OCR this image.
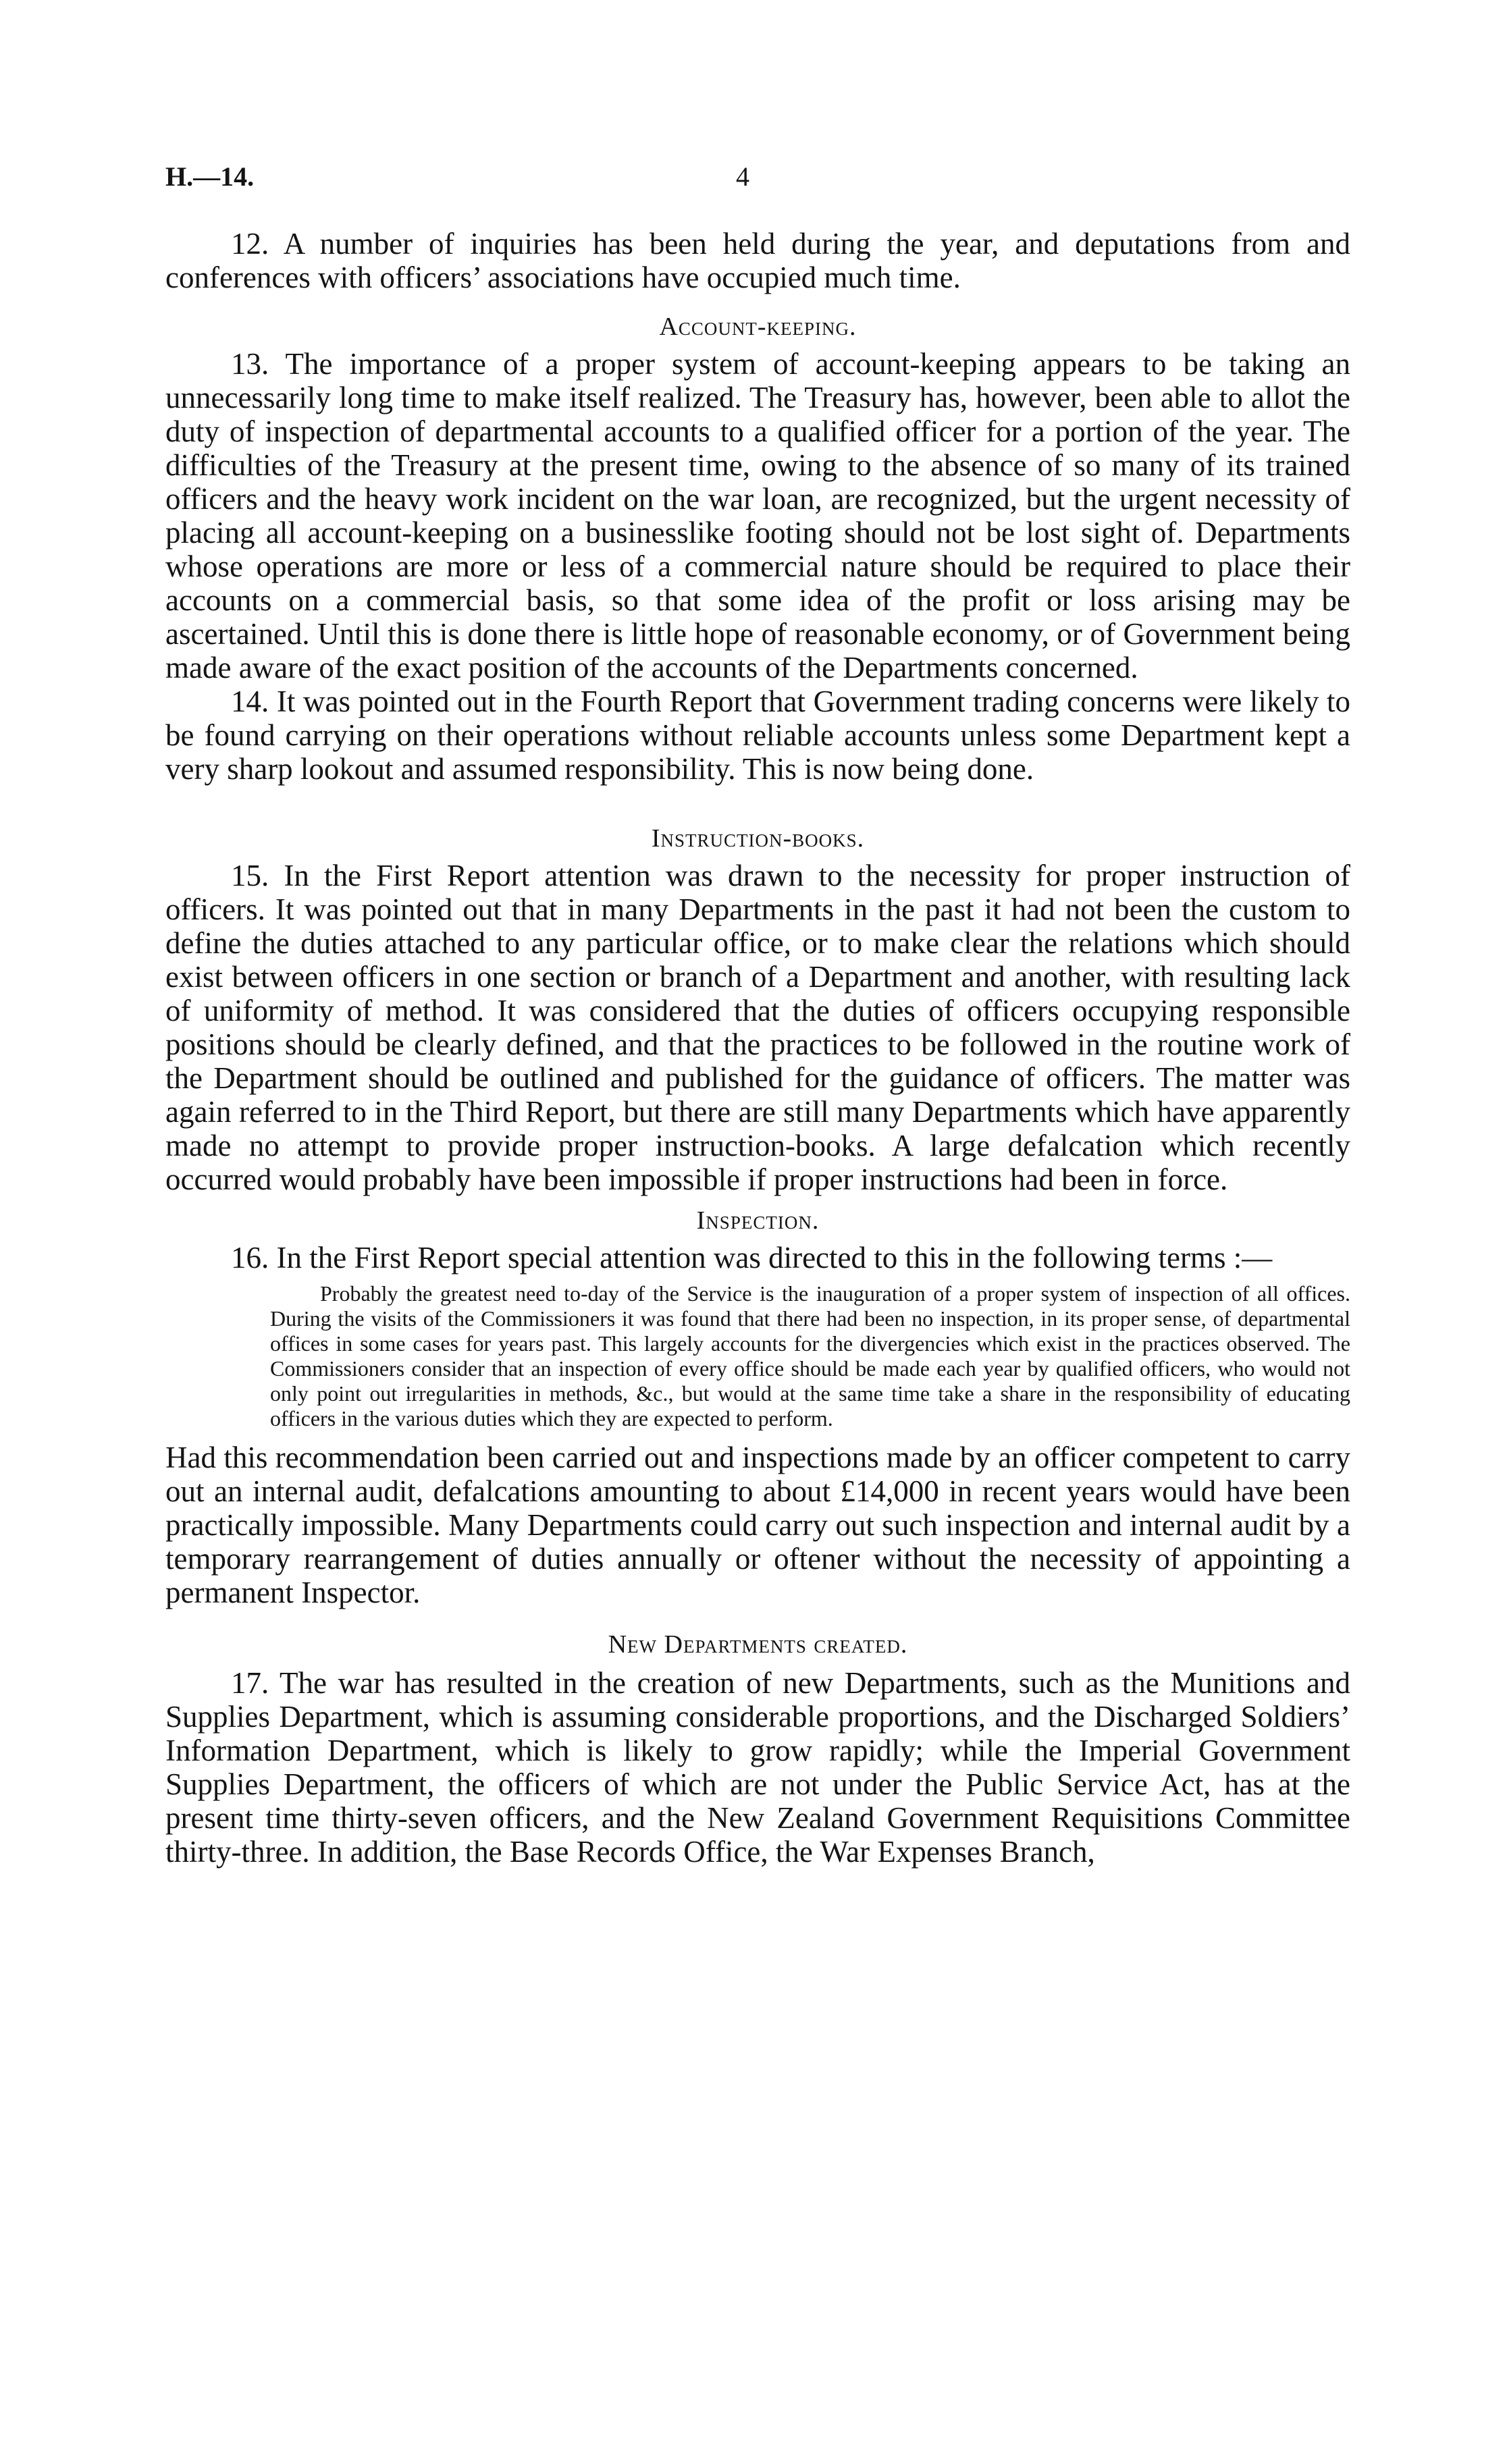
H.—14.	4

12. A number of inquiries has been held during the year, and deputations from and conferences with officers’ associations have occupied much time.

Account-keeping.

13. The importance of a proper system of account-keeping appears to be taking an unnecessarily long time to make itself realized. The Treasury has, however, been able to allot the duty of inspection of departmental accounts to a qualified officer for a portion of the year. The difficulties of the Treasury at the present time, owing to the absence of so many of its trained officers and the heavy work incident on the war loan, are recognized, but the urgent necessity of placing all account-keeping on a businesslike footing should not be lost sight of. Departments whose operations are more or less of a commercial nature should be required to place their accounts on a commercial basis, so that some idea of the profit or loss arising may be ascertained. Until this is done there is little hope of reasonable economy, or of Government being made aware of the exact position of the accounts of the Departments concerned.

14. It was pointed out in the Fourth Report that Government trading concerns were likely to be found carrying on their operations without reliable accounts unless some Department kept a very sharp lookout and assumed responsibility. This is now being done.

Instruction-books.

15. In the First Report attention was drawn to the necessity for proper instruction of officers. It was pointed out that in many Departments in the past it had not been the custom to define the duties attached to any particular office, or to make clear the relations which should exist between officers in one section or branch of a Department and another, with resulting lack of uniformity of method. It was considered that the duties of officers occupying responsible positions should be clearly defined, and that the practices to be followed in the routine work of the Department should be outlined and published for the guidance of officers. The matter was again referred to in the Third Report, but there are still many Departments which have apparently made no attempt to provide proper instruction-books. A large defalcation which recently occurred would probably have been impossible if proper instructions had been in force.

Inspection.

16. In the First Report special attention was directed to this in the following terms :—

Probably the greatest need to-day of the Service is the inauguration of a proper system of inspection of all offices. During the visits of the Commissioners it was found that there had been no inspection, in its proper sense, of departmental offices in some cases for years past. This largely accounts for the divergencies which exist in the practices observed. The Commissioners consider that an inspection of every office should be made each year by qualified officers, who would not only point out irregularities in methods, &c., but would at the same time take a share in the responsibility of educating officers in the various duties which they are expected to perform.

Had this recommendation been carried out and inspections made by an officer competent to carry out an internal audit, defalcations amounting to about £14,000 in recent years would have been practically impossible. Many Departments could carry out such inspection and internal audit by a temporary rearrangement of duties annually or oftener without the necessity of appointing a permanent Inspector.

New Departments created.

17. The war has resulted in the creation of new Departments, such as the Munitions and Supplies Department, which is assuming considerable proportions, and the Discharged Soldiers’ Information Department, which is likely to grow rapidly; while the Imperial Government Supplies Department, the officers of which are not under the Public Service Act, has at the present time thirty-seven officers, and the New Zealand Government Requisitions Committee thirty-three. In addition, the Base Records Office, the War Expenses Branch,
